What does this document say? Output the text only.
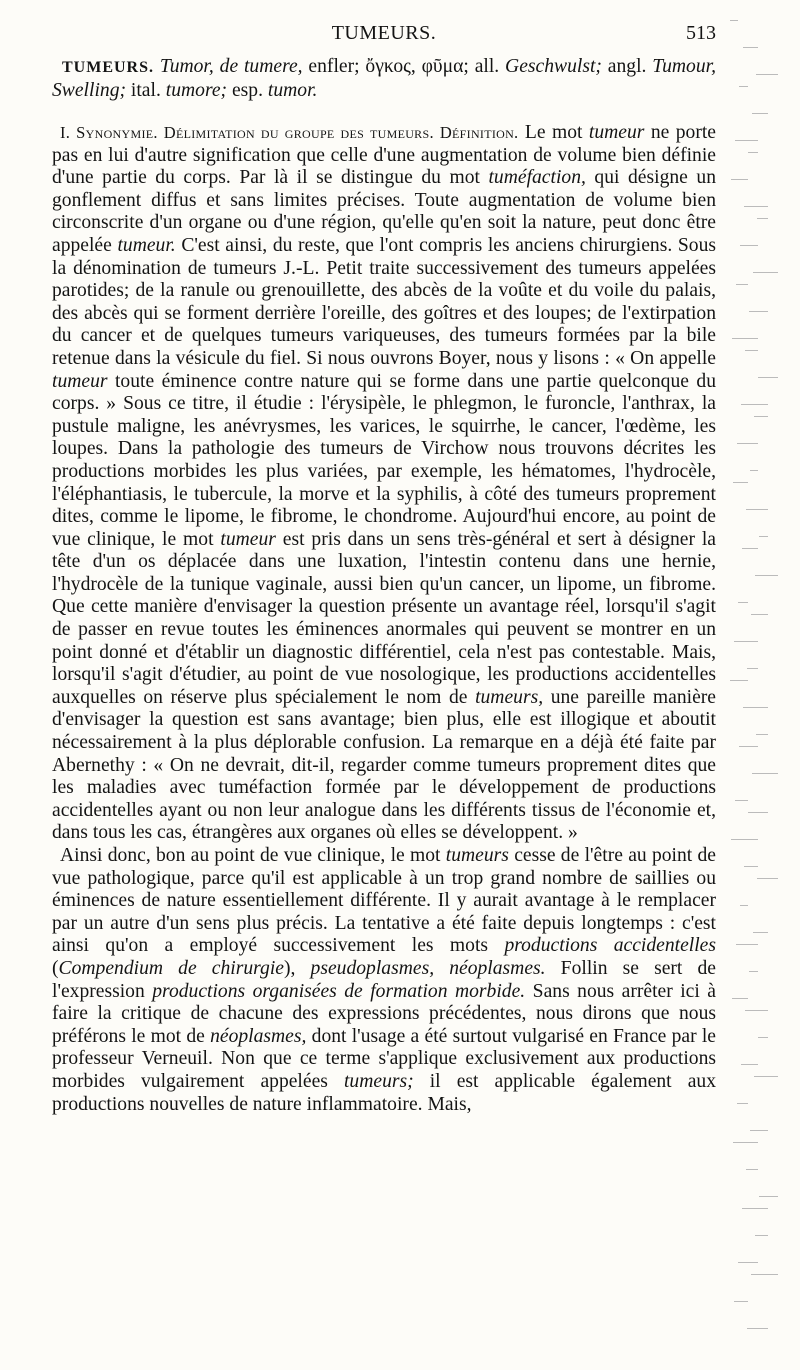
TUMEURS.	513

TUMEURS. Tumor, de tumere, enfler; ὄγκος, φῦμα; all. Geschwulst; angl. Tumour, Swelling; ital. tumore; esp. tumor.

I. Synonymie. Délimitation du groupe des tumeurs. Définition. Le mot tumeur ne porte pas en lui d'autre signification que celle d'une augmentation de volume bien définie d'une partie du corps. Par là il se distingue du mot tuméfaction, qui désigne un gonflement diffus et sans limites précises. Toute augmentation de volume bien circonscrite d'un organe ou d'une région, qu'elle qu'en soit la nature, peut donc être appelée tumeur. C'est ainsi, du reste, que l'ont compris les anciens chirurgiens. Sous la dénomination de tumeurs J.-L. Petit traite successivement des tumeurs appelées parotides; de la ranule ou grenouillette, des abcès de la voûte et du voile du palais, des abcès qui se forment derrière l'oreille, des goîtres et des loupes; de l'extirpation du cancer et de quelques tumeurs variqueuses, des tumeurs formées par la bile retenue dans la vésicule du fiel. Si nous ouvrons Boyer, nous y lisons : « On appelle tumeur toute éminence contre nature qui se forme dans une partie quelconque du corps. » Sous ce titre, il étudie : l'érysipèle, le phlegmon, le furoncle, l'anthrax, la pustule maligne, les anévrysmes, les varices, le squirrhe, le cancer, l'œdème, les loupes. Dans la pathologie des tumeurs de Virchow nous trouvons décrites les productions morbides les plus variées, par exemple, les hématomes, l'hydrocèle, l'éléphantiasis, le tubercule, la morve et la syphilis, à côté des tumeurs proprement dites, comme le lipome, le fibrome, le chondrome. Aujourd'hui encore, au point de vue clinique, le mot tumeur est pris dans un sens très-général et sert à désigner la tête d'un os déplacée dans une luxation, l'intestin contenu dans une hernie, l'hydrocèle de la tunique vaginale, aussi bien qu'un cancer, un lipome, un fibrome. Que cette manière d'envisager la question présente un avantage réel, lorsqu'il s'agit de passer en revue toutes les éminences anormales qui peuvent se montrer en un point donné et d'établir un diagnostic différentiel, cela n'est pas contestable. Mais, lorsqu'il s'agit d'étudier, au point de vue nosologique, les productions accidentelles auxquelles on réserve plus spécialement le nom de tumeurs, une pareille manière d'envisager la question est sans avantage; bien plus, elle est illogique et aboutit nécessairement à la plus déplorable confusion. La remarque en a déjà été faite par Abernethy : « On ne devrait, dit-il, regarder comme tumeurs proprement dites que les maladies avec tuméfaction formée par le développement de productions accidentelles ayant ou non leur analogue dans les différents tissus de l'économie et, dans tous les cas, étrangères aux organes où elles se développent. »

Ainsi donc, bon au point de vue clinique, le mot tumeurs cesse de l'être au point de vue pathologique, parce qu'il est applicable à un trop grand nombre de saillies ou éminences de nature essentiellement différente. Il y aurait avantage à le remplacer par un autre d'un sens plus précis. La tentative a été faite depuis longtemps : c'est ainsi qu'on a employé successivement les mots productions accidentelles (Compendium de chirurgie), pseudoplasmes, néoplasmes. Follin se sert de l'expression productions organisées de formation morbide. Sans nous arrêter ici à faire la critique de chacune des expressions précédentes, nous dirons que nous préférons le mot de néoplasmes, dont l'usage a été surtout vulgarisé en France par le professeur Verneuil. Non que ce terme s'applique exclusivement aux productions morbides vulgairement appelées tumeurs; il est applicable également aux productions nouvelles de nature inflammatoire. Mais,
